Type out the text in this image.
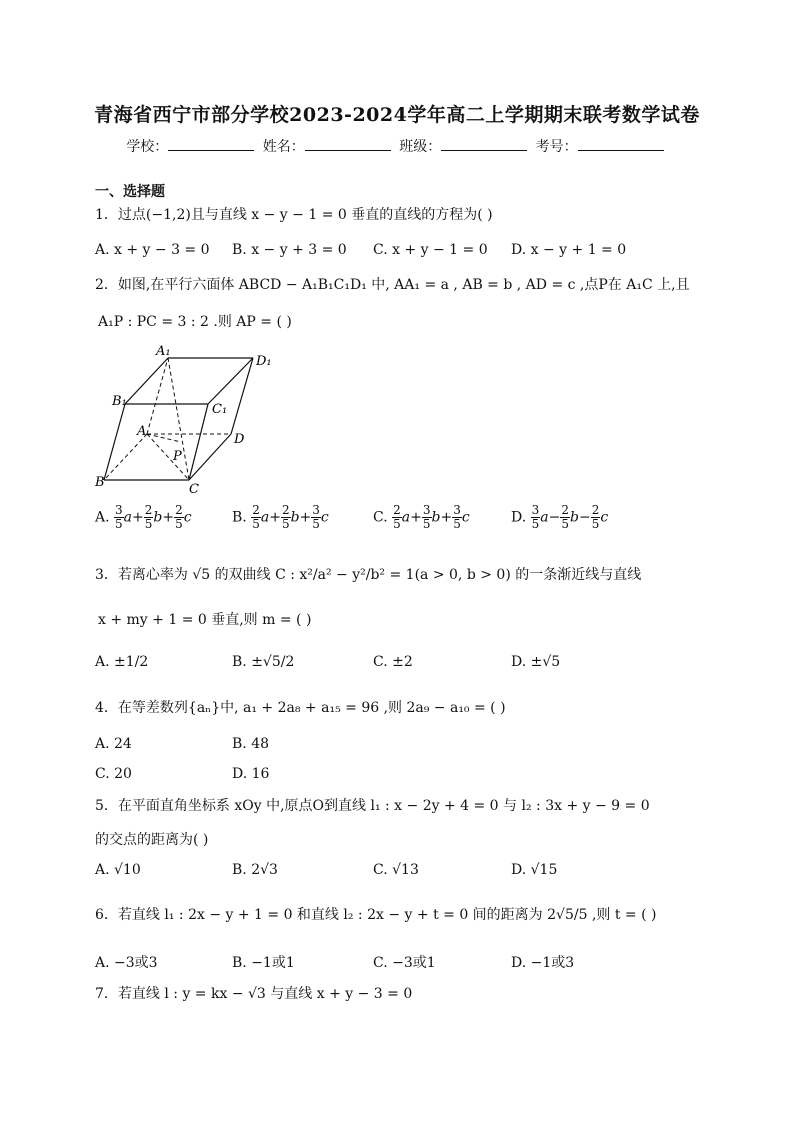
青海省西宁市部分学校2023-2024学年高二上学期期末联考数学试卷
学校：	姓名：	班级：	考号：
一、选择题
1．过点(−1,2)且与直线 x − y − 1 = 0 垂直的直线的方程为( )
A. x + y − 3 = 0 B. x − y + 3 = 0 C. x + y − 1 = 0 D. x − y + 1 = 0
2．如图,在平行六面体 ABCD − A₁B₁C₁D₁ 中, AA₁ = a , AB = b , AD = c ,点P在 A₁C 上,且
A₁P : PC = 3 : 2 .则 AP = ( )
A₁
D₁
B₁
C₁
A
D
P
B	C
A. $\frac{3}{5} a+ \frac{2}{5} b+ \frac{2}{5}$ c	B. $\frac{2}{5} a+ \frac{2}{5} b+ \frac{3}{5}$ c	C. $\frac{2}{5} a+ \frac{3}{5} b+ \frac{3}{5}$ c	D. $\frac{3}{5} a- \frac{2}{5} b- \frac{2}{5}$ c
3．若离心率为 √5 的双曲线 C : x²/a² − y²/b² = 1(a > 0, b > 0) 的一条渐近线与直线
x + my + 1 = 0 垂直,则 m = ( )
A. ±1/2	B. ±√5/2	C. ±2	D. ±√5
4．在等差数列{aₙ}中, a₁ + 2a₈ + a₁₅ = 96 ,则 2a₉ − a₁₀ = ( )
A. 24	B. 48
C. 20	D. 16
5．在平面直角坐标系 xOy 中,原点O到直线 l₁ : x − 2y + 4 = 0 与 l₂ : 3x + y − 9 = 0
的交点的距离为( )
A. √10	B. 2√3	C. √13	D. √15
6．若直线 l₁ : 2x − y + 1 = 0 和直线 l₂ : 2x − y + t = 0 间的距离为 2√5/5 ,则 t = ( )
A. −3或3	B. −1或1	C. −3或1	D. −1或3
7．若直线 l : y = kx − √3 与直线 x + y − 3 = 0
